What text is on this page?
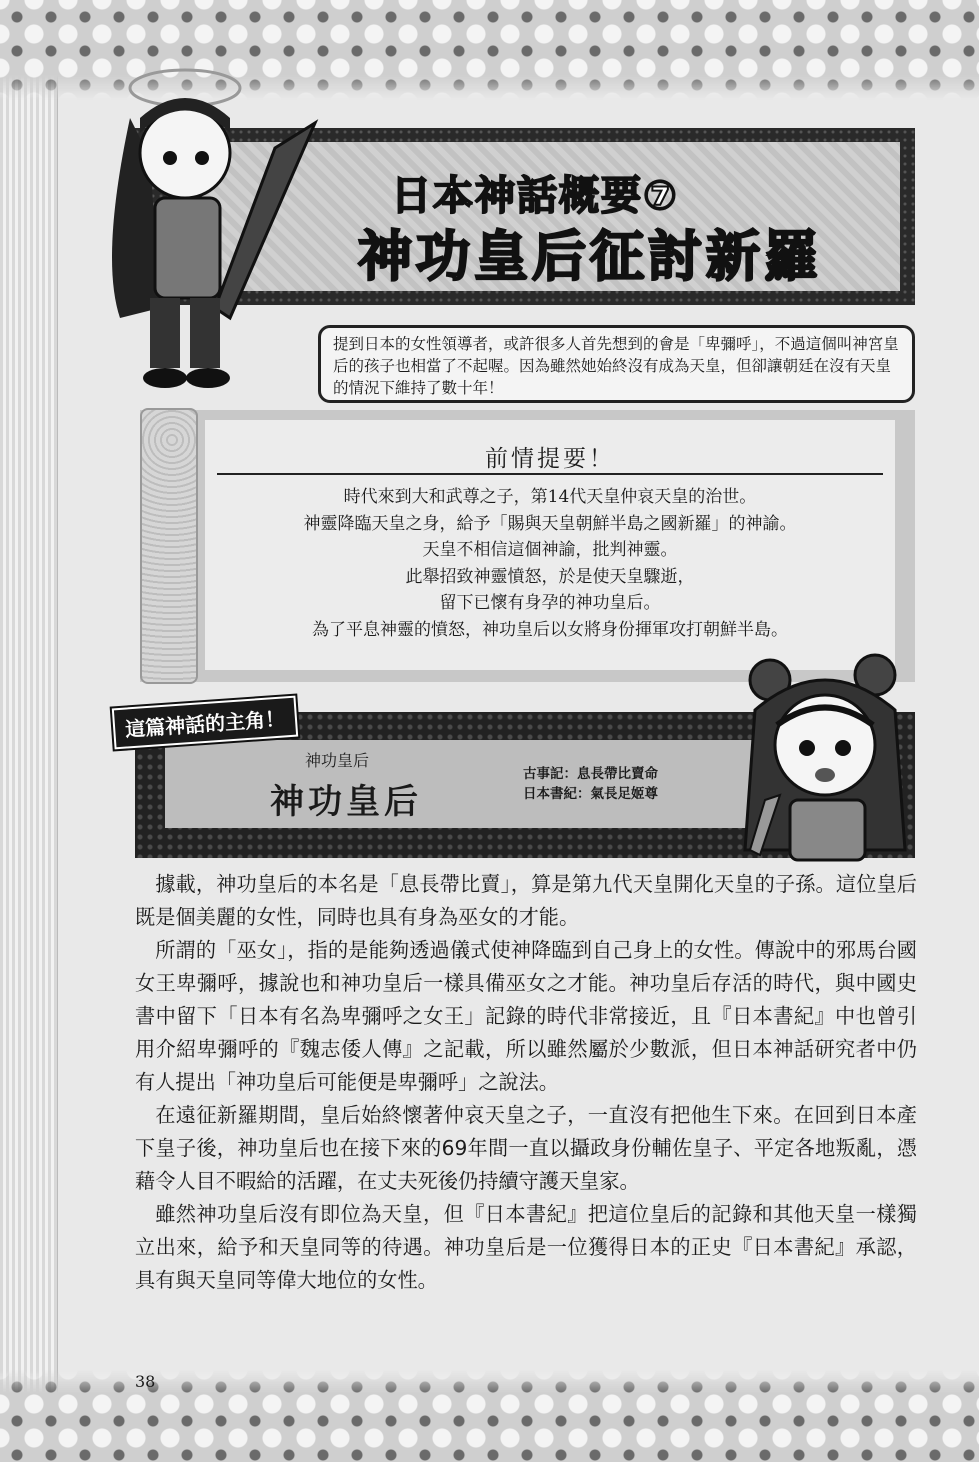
日本神話概要⑦
神功皇后征討新羅
提到日本的女性領導者，或許很多人首先想到的會是「卑彌呼」，不過這個叫神宮皇后的孩子也相當了不起喔。因為雖然她始終沒有成為天皇，但卻讓朝廷在沒有天皇的情況下維持了數十年！
前情提要！
時代來到大和武尊之子，第14代天皇仲哀天皇的治世。
神靈降臨天皇之身，給予「賜與天皇朝鮮半島之國新羅」的神諭。
天皇不相信這個神諭，批判神靈。
此舉招致神靈憤怒，於是使天皇驟逝，
留下已懷有身孕的神功皇后。
為了平息神靈的憤怒，神功皇后以女將身份揮軍攻打朝鮮半島。
神功皇后
神功皇后
古事記：息長帶比賣命
日本書紀：氣長足姬尊
這篇神話的主角！

據載，神功皇后的本名是「息長帶比賣」，算是第九代天皇開化天皇的子孫。這位皇后既是個美麗的女性，同時也具有身為巫女的才能。

所謂的「巫女」，指的是能夠透過儀式使神降臨到自己身上的女性。傳說中的邪馬台國女王卑彌呼，據說也和神功皇后一樣具備巫女之才能。神功皇后存活的時代，與中國史書中留下「日本有名為卑彌呼之女王」記錄的時代非常接近，且『日本書紀』中也曾引用介紹卑彌呼的『魏志倭人傳』之記載，所以雖然屬於少數派，但日本神話研究者中仍有人提出「神功皇后可能便是卑彌呼」之說法。

在遠征新羅期間，皇后始終懷著仲哀天皇之子，一直沒有把他生下來。在回到日本產下皇子後，神功皇后也在接下來的69年間一直以攝政身份輔佐皇子、平定各地叛亂，憑藉令人目不暇給的活躍，在丈夫死後仍持續守護天皇家。

雖然神功皇后沒有即位為天皇，但『日本書紀』把這位皇后的記錄和其他天皇一樣獨立出來，給予和天皇同等的待遇。神功皇后是一位獲得日本的正史『日本書紀』承認，具有與天皇同等偉大地位的女性。

38
